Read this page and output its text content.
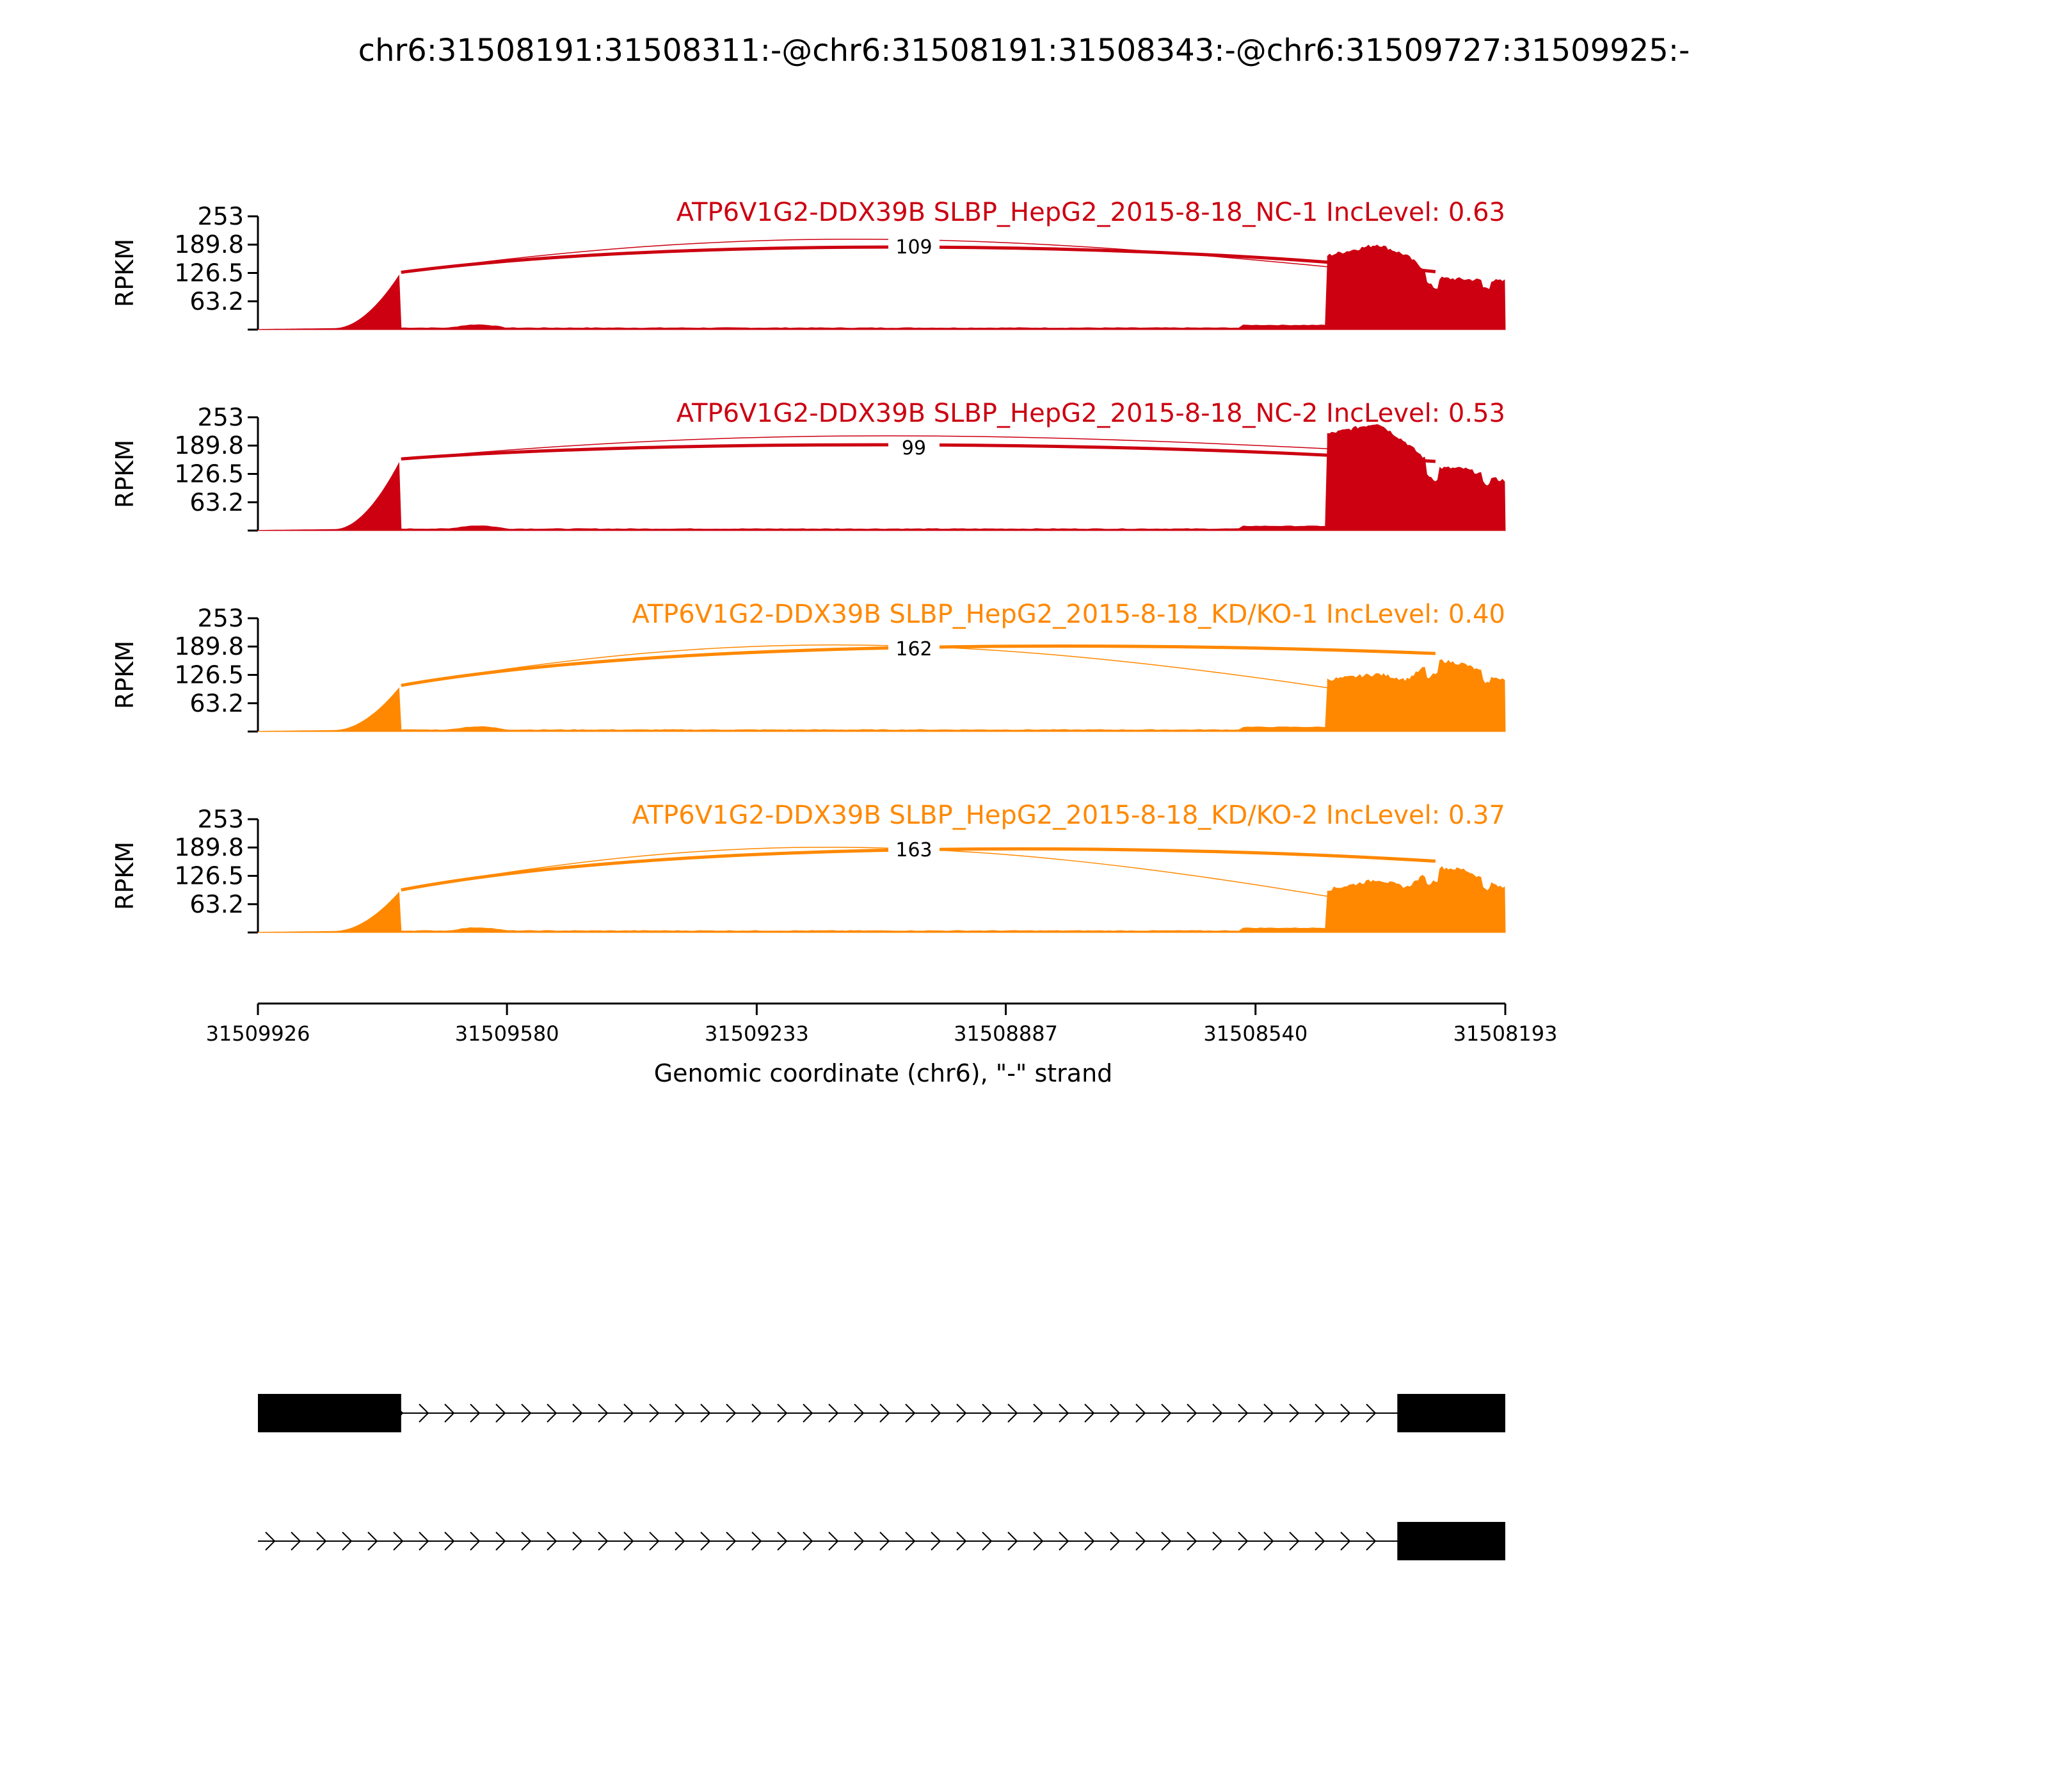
chr6:31508191:31508311:-@chr6:31508191:31508343:-@chr6:31509727:31509925:-
253
189.8
126.5
63.2
RPKM	109
ATP6V1G2-DDX39B SLBP_HepG2_2015-8-18_NC-1 IncLevel: 0.63
253
189.8
126.5
63.2
RPKM	99
ATP6V1G2-DDX39B SLBP_HepG2_2015-8-18_NC-2 IncLevel: 0.53
253
189.8
126.5
63.2
RPKM	162
ATP6V1G2-DDX39B SLBP_HepG2_2015-8-18_KD/KO-1 IncLevel: 0.40
253
189.8
126.5
63.2
RPKM	163
ATP6V1G2-DDX39B SLBP_HepG2_2015-8-18_KD/KO-2 IncLevel: 0.37
Genomic coordinate (chr6), "-" strand
31509926	31509580	31509233	31508887	31508540	31508193
